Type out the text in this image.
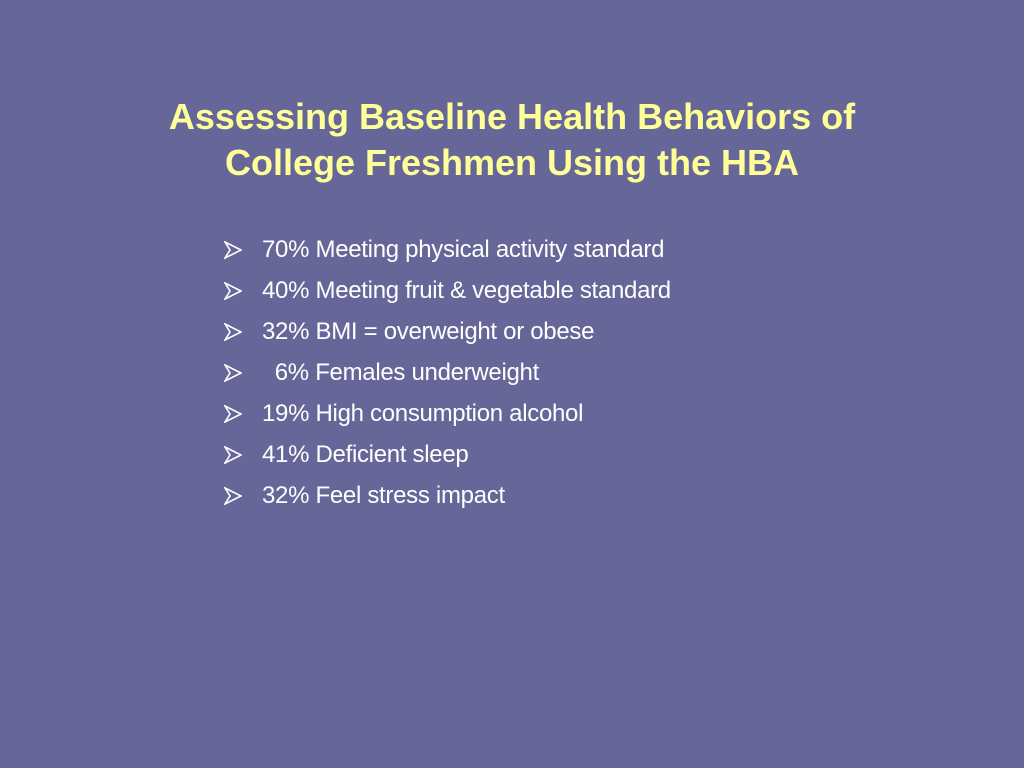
Assessing Baseline Health Behaviors of
College Freshmen Using the HBA

70% Meeting physical activity standard

40% Meeting fruit & vegetable standard

32% BMI = overweight or obese

6% Females underweight

19% High consumption alcohol

41% Deficient sleep

32% Feel stress impact
